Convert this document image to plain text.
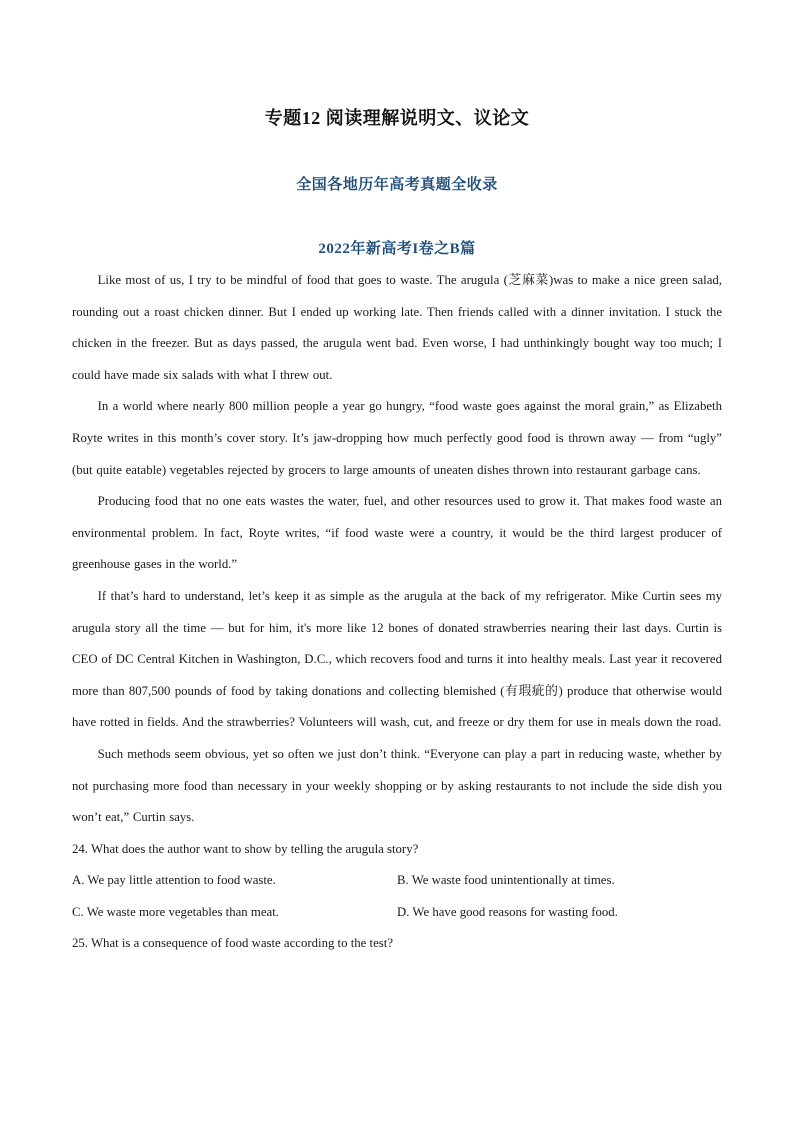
专题12 阅读理解说明文、议论文
全国各地历年高考真题全收录
2022年新高考I卷之B篇

Like most of us, I try to be mindful of food that goes to waste. The arugula (芝麻菜)was to make a nice green salad, rounding out a roast chicken dinner. But I ended up working late. Then friends called with a dinner invitation. I stuck the chicken in the freezer. But as days passed, the arugula went bad. Even worse, I had unthinkingly bought way too much; I could have made six salads with what I threw out.

In a world where nearly 800 million people a year go hungry, “food waste goes against the moral grain,” as Elizabeth Royte writes in this month’s cover story. It’s jaw-dropping how much perfectly good food is thrown away — from “ugly” (but quite eatable) vegetables rejected by grocers to large amounts of uneaten dishes thrown into restaurant garbage cans.

Producing food that no one eats wastes the water, fuel, and other resources used to grow it. That makes food waste an environmental problem. In fact, Royte writes, “if food waste were a country, it would be the third largest producer of greenhouse gases in the world.”

If that’s hard to understand, let’s keep it as simple as the arugula at the back of my refrigerator. Mike Curtin sees my arugula story all the time — but for him, it's more like 12 bones of donated strawberries nearing their last days. Curtin is CEO of DC Central Kitchen in Washington, D.C., which recovers food and turns it into healthy meals. Last year it recovered more than 807,500 pounds of food by taking donations and collecting blemished (有瑕疵的) produce that otherwise would have rotted in fields. And the strawberries? Volunteers will wash, cut, and freeze or dry them for use in meals down the road.

Such methods seem obvious, yet so often we just don’t think. “Everyone can play a part in reducing waste, whether by not purchasing more food than necessary in your weekly shopping or by asking restaurants to not include the side dish you won’t eat,” Curtin says.

24. What does the author want to show by telling the arugula story?

A. We pay little attention to food waste.	B. We waste food unintentionally at times.
C. We waste more vegetables than meat.	D. We have good reasons for wasting food.

25. What is a consequence of food waste according to the test?
